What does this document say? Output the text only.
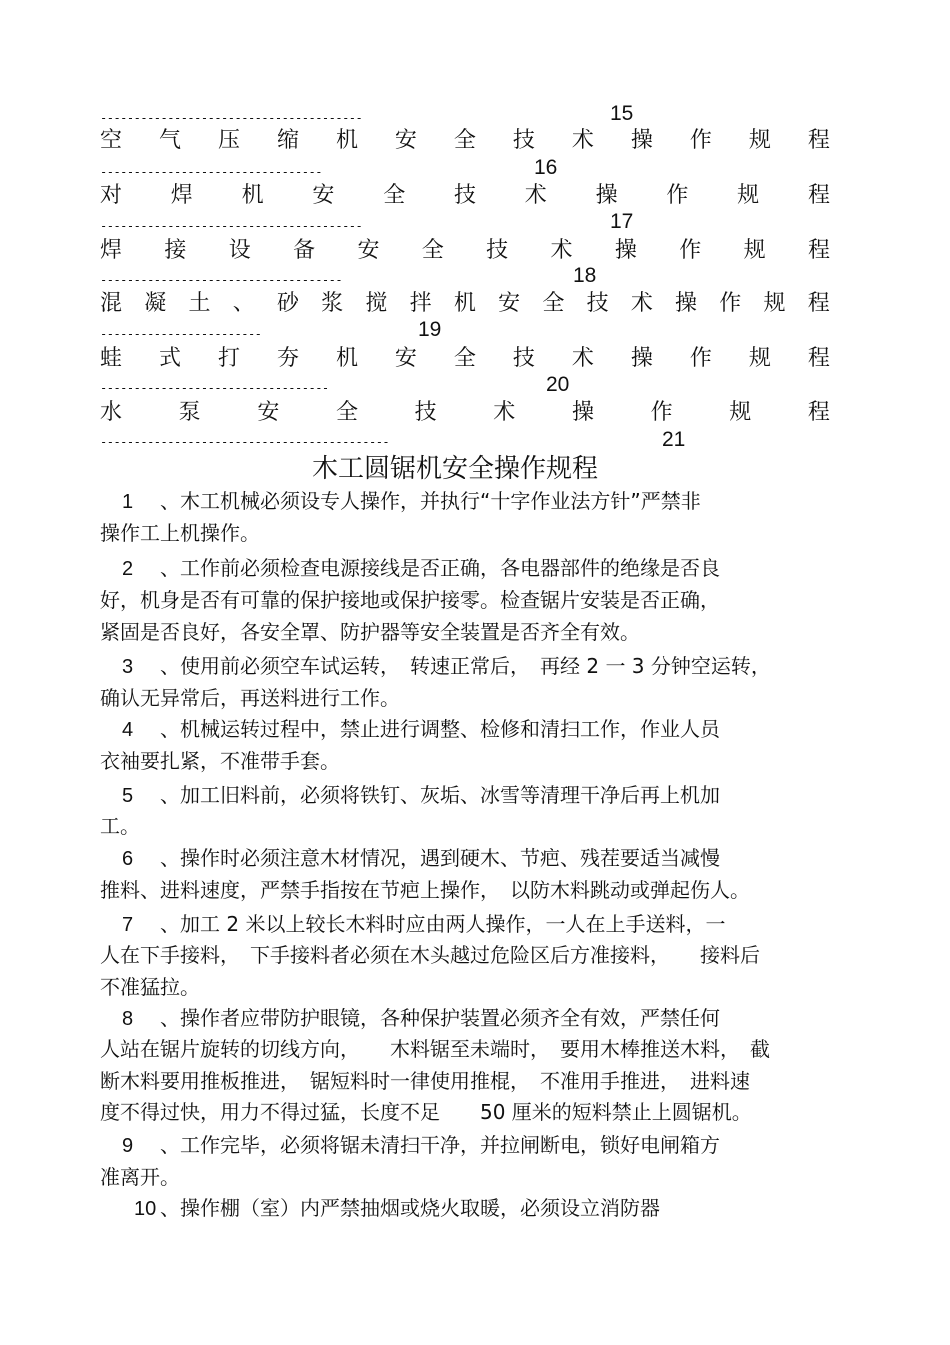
---------------------------------------	15
空 气 压 缩 机 安 全 技 术 操 作 规 程
---------------------------------	16
对 焊 机 安 全 技 术 操 作 规 程
---------------------------------------	17
焊 接 设 备 安 全 技 术 操 作 规 程
------------------------------------	18
混 凝 土 、 砂 浆 搅 拌 机 安 全 技 术 操 作 规 程
------------------------	19
蛙 式 打 夯 机 安 全 技 术 操 作 规 程
----------------------------------	20
水	泵	安	全	技	术	操	作	规	程
-------------------------------------------	21
木工圆锯机安全操作规程
1 、木工机械必须设专人操作，并执行“十字作业法方针”严禁非
操作工上机操作。
2 、工作前必须检查电源接线是否正确，各电器部件的绝缘是否良
好，机身是否有可靠的保护接地或保护接零。检查锯片安装是否正确，
紧固是否良好，各安全罩、防护器等安全装置是否齐全有效。
3 、使用前必须空车试运转，　转速正常后，　再经 2 一 3 分钟空运转，
确认无异常后，再送料进行工作。
4 、机械运转过程中，禁止进行调整、检修和清扫工作，作业人员
衣袖要扎紧，不准带手套。
5 、加工旧料前，必须将铁钉、灰垢、冰雪等清理干净后再上机加
工。
6 、操作时必须注意木材情况，遇到硬木、节疤、残茬要适当减慢
推料、进料速度，严禁手指按在节疤上操作，　以防木料跳动或弹起伤人。
7 、加工 2 米以上较长木料时应由两人操作，一人在上手送料，一
人在下手接料，　下手接料者必须在木头越过危险区后方准接料，　　接料后
不准猛拉。
8 、操作者应带防护眼镜，各种保护装置必须齐全有效，严禁任何
人站在锯片旋转的切线方向，　　木料锯至未端时，　要用木棒推送木料，　截
断木料要用推板推进，　锯短料时一律使用推棍，　不准用手推进，　进料速
度不得过快，用力不得过猛，长度不足　　50 厘米的短料禁止上圆锯机。
9 、工作完毕，必须将锯未清扫干净，并拉闸断电，锁好电闸箱方
准离开。
10 、操作棚（室）内严禁抽烟或烧火取暖，必须设立消防器
